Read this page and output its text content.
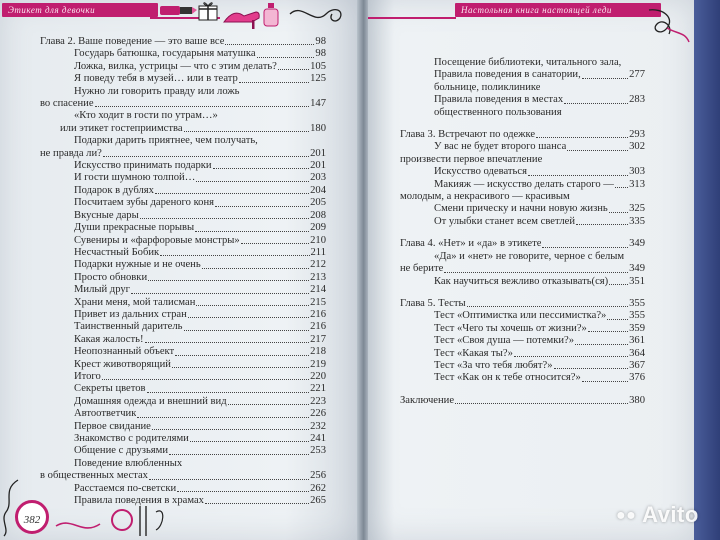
Этикет для девочки	Настольная книга настоящей леди
382
Глава 2. Ваше поведение — это ваше все	98
Государь батюшка, государыня матушка	98
Ложка, вилка, устрицы — что с этим делать?	105
Я поведу тебя в музей… или в театр	125
Нужно ли говорить правду или ложь
во спасение	147
«Кто ходит в гости по утрам…»
или этикет гостеприимства	180
Подарки дарить приятнее, чем получать,
не правда ли?	201
Искусство принимать подарки	201
И гости шумною толпой…	203
Подарок в дублях	204
Посчитаем зубы дареного коня	205
Вкусные дары	208
Души прекрасные порывы	209
Сувениры и «фарфоровые монстры»	210
Несчастный Бобик	211
Подарки нужные и не очень	212
Просто обновки	213
Милый друг	214
Храни меня, мой талисман	215
Привет из дальних стран	216
Таинственный даритель	216
Какая жалость!	217
Неопознанный объект	218
Крест животворящий	219
Итого	220
Секреты цветов	221
Домашняя одежда и внешний вид	223
Автоответчик	226
Первое свидание	232
Знакомство с родителями	241
Общение с друзьями	253
Поведение влюбленных
в общественных местах	256
Расстаемся по-светски	262
Правила поведения в храмах	265
Посещение библиотеки, читального зала,
Правила поведения в санатории,	277
больнице, поликлинике
Правила поведения в местах	283
общественного пользования
Глава 3. Встречают по одежке	293
У вас не будет второго шанса	302
произвести первое впечатление
Искусство одеваться	303
Макияж — искусство делать старого — 313
молодым, а некрасивого — красивым
Смени прическу и начни новую жизнь 325
От улыбки станет всем светлей	335
Глава 4. «Нет» и «да» в этикете	349
«Да» и «нет» не говорите, черное с белым
не берите	349
Как научиться вежливо отказывать(ся) 351
Глава 5. Тесты	355
Тест «Оптимистка или пессимистка?» 355
Тест «Чего ты хочешь от жизни?»	359
Тест «Своя душа — потемки?»	361
Тест «Какая ты?»	364
Тест «За что тебя любят?»	367
Тест «Как он к тебе относится?»	376
Заключение	380
●● Avito
